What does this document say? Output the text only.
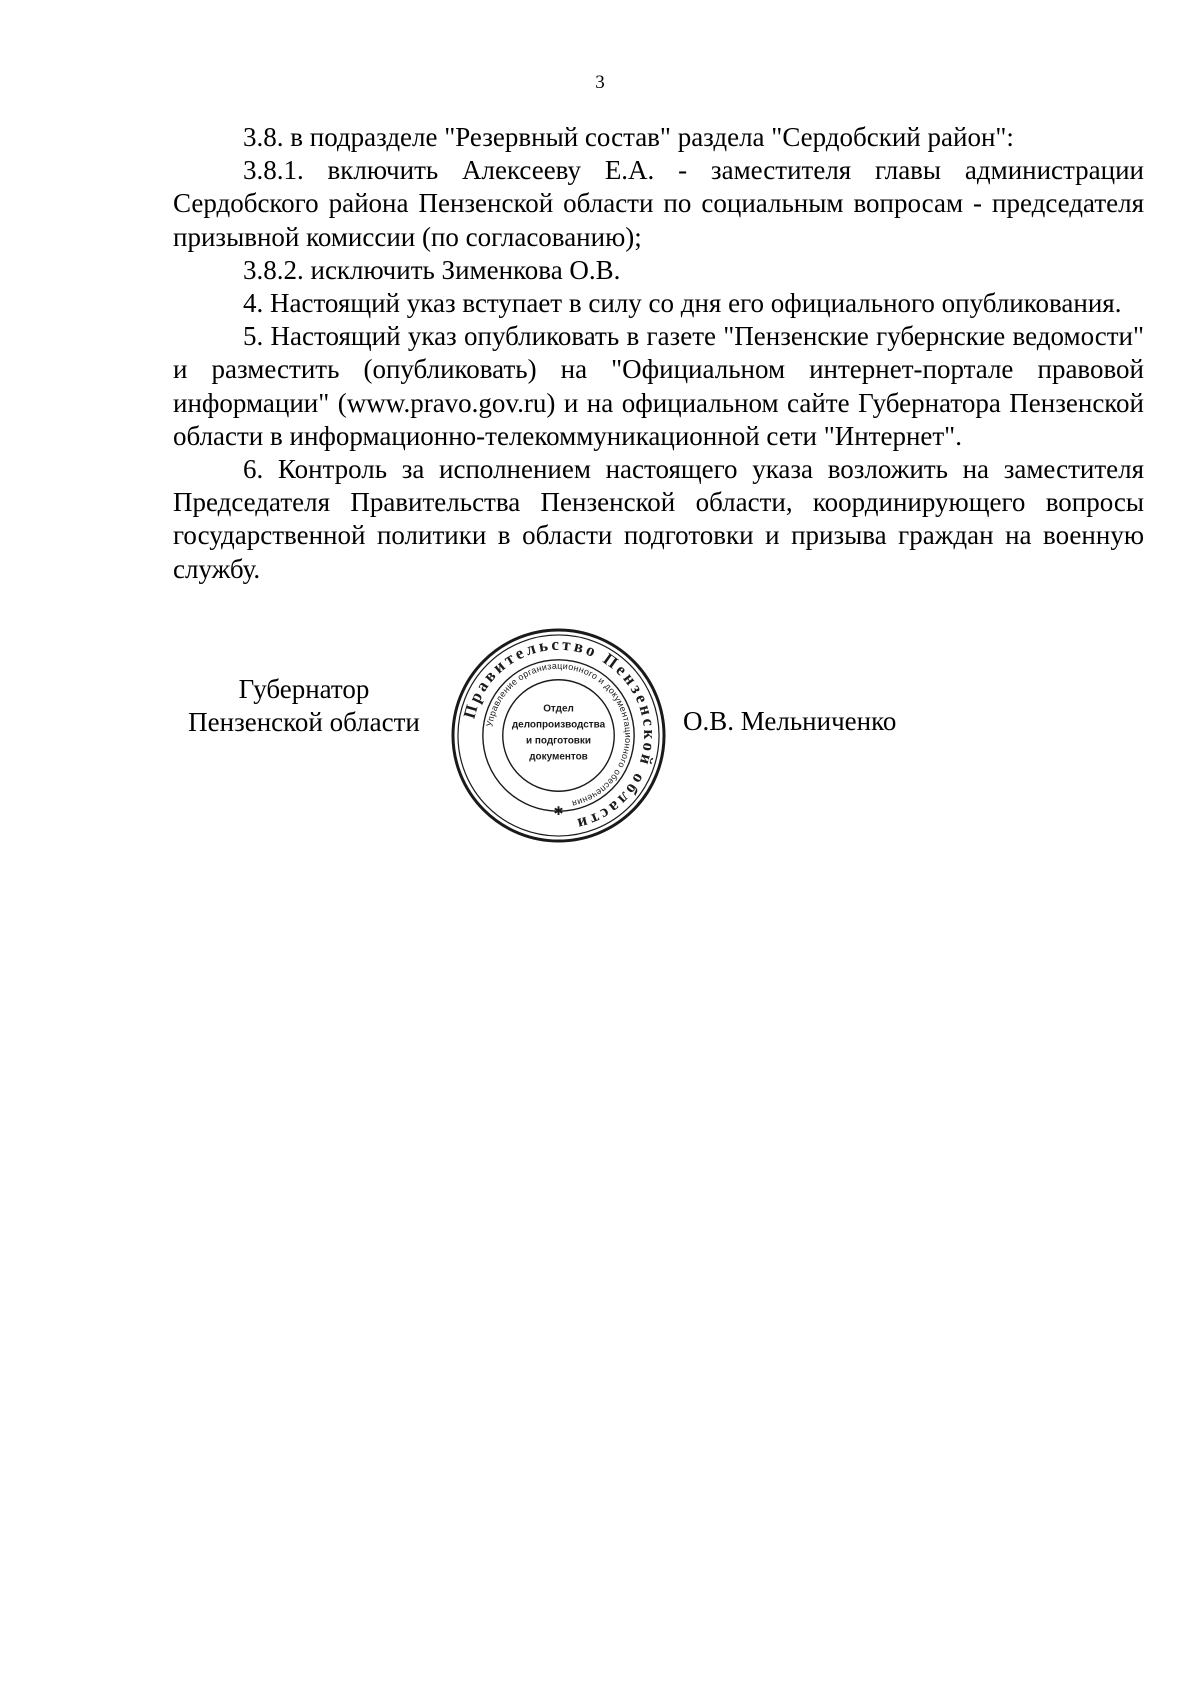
3

3.8. в подразделе "Резервный состав" раздела "Сердобский район":

3.8.1. включить Алексееву Е.А. - заместителя главы администрации Сердобского района Пензенской области по социальным вопросам - председателя призывной комиссии (по согласованию);

3.8.2. исключить Зименкова О.В.

4. Настоящий указ вступает в силу со дня его официального опубликования.

5. Настоящий указ опубликовать в газете "Пензенские губернские ведомости" и разместить (опубликовать) на "Официальном интернет-портале правовой информации" (www.pravo.gov.ru) и на официальном сайте Губернатора Пензенской области в информационно-телекоммуникационной сети "Интернет".

6. Контроль за исполнением настоящего указа возложить на заместителя Председателя Правительства Пензенской области, координирующего вопросы государственной политики в области подготовки и призыва граждан на военную службу.

Губернатор
Пензенской области	О.В. Мельниченко
Правительство Пензенской области
Управление организационного и документационного обеспечения
Отдел
делопроизводства
и подготовки
документов
✱
